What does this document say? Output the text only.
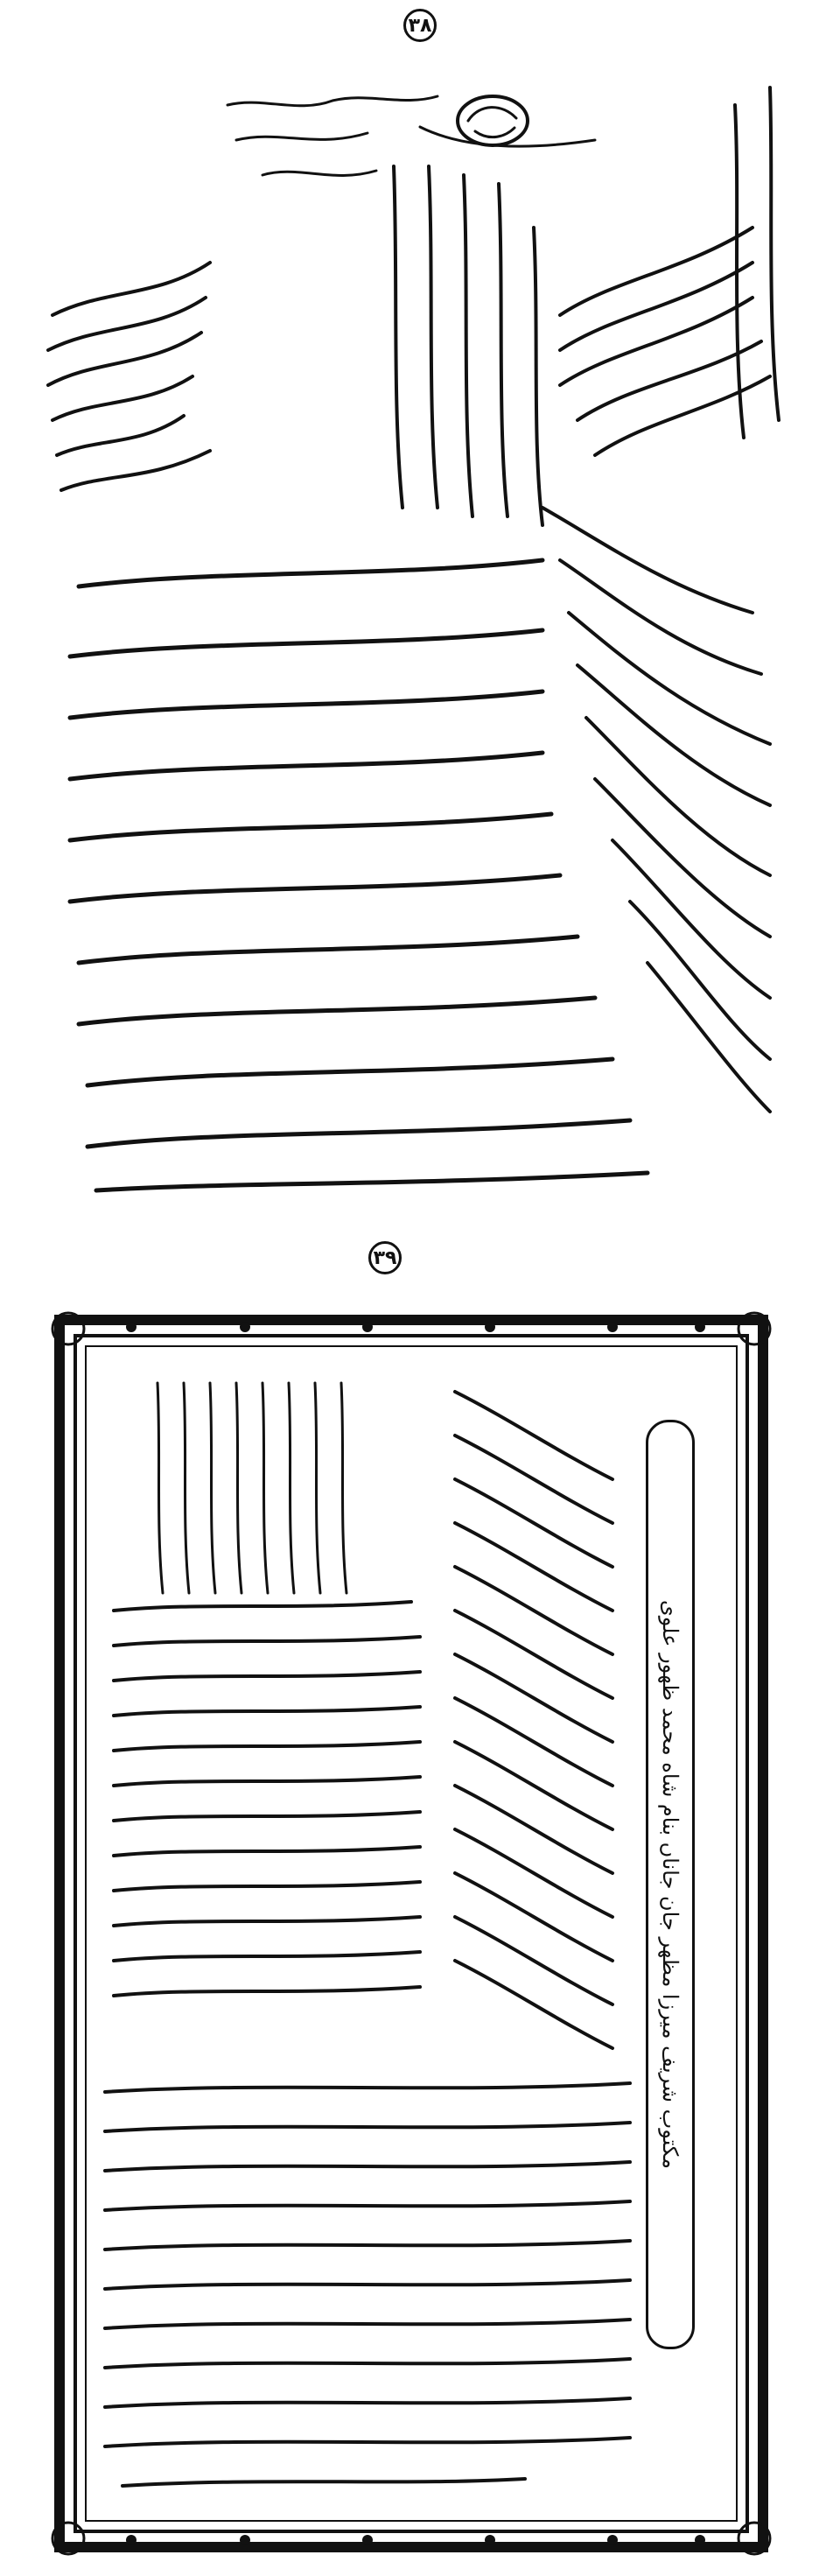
۳۸
۳۹
مکتوب شریف میرزا مظهر جان جاناں بنام شاه محمد ظهور علوی
